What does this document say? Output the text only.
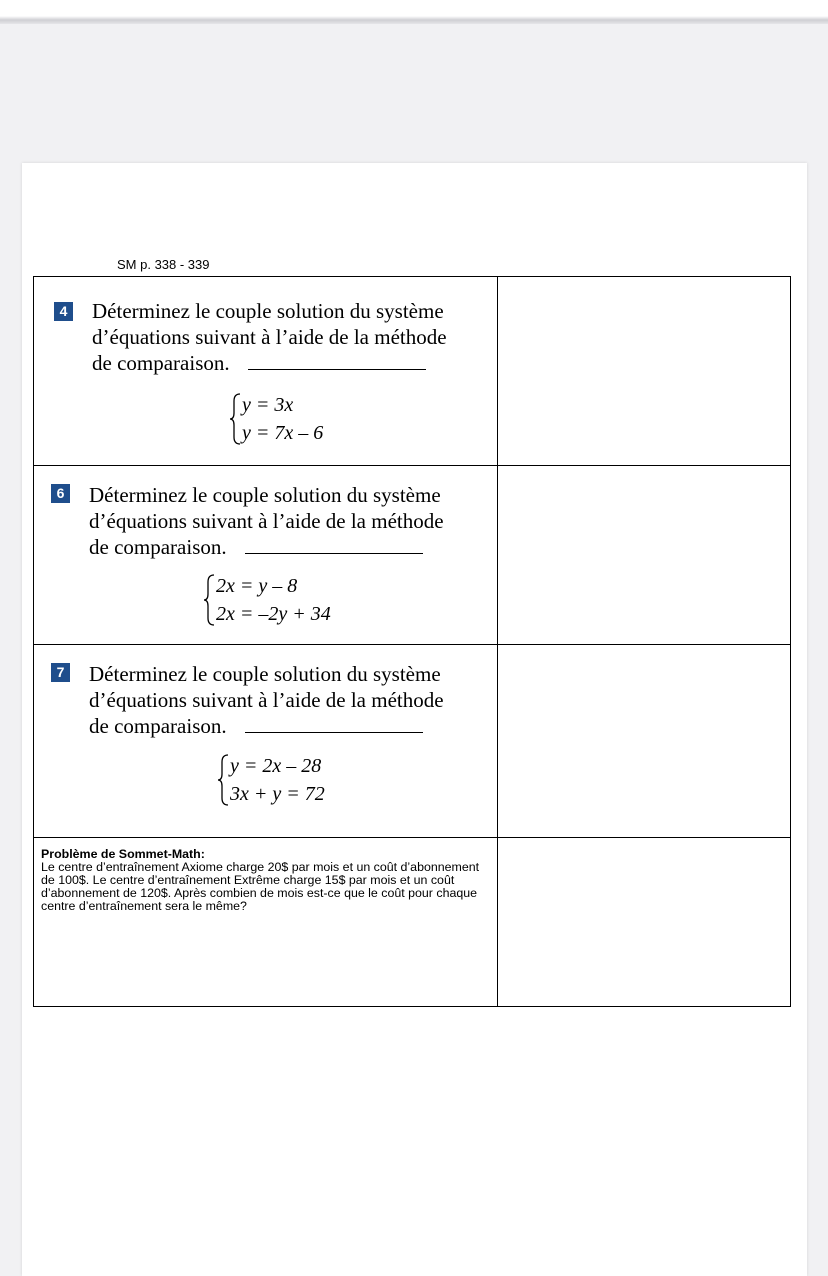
SM p. 338 - 339
4 Déterminez le couple solution du système
d’équations suivant à l’aide de la méthode
de comparaison.
y = 3x
y = 7x – 6
6 Déterminez le couple solution du système
d’équations suivant à l’aide de la méthode
de comparaison.
2x = y – 8
2x = –2y + 34
7 Déterminez le couple solution du système
d’équations suivant à l’aide de la méthode
de comparaison.
y = 2x – 28
3x + y = 72
Problème de Sommet-Math:
Le centre d’entraînement Axiome charge 20$ par mois et un coût d’abonnement de 100$. Le centre d’entraînement Extrême charge 15$ par mois et un coût d’abonnement de 120$. Après combien de mois est-ce que le coût pour chaque centre d’entraînement sera le même?
